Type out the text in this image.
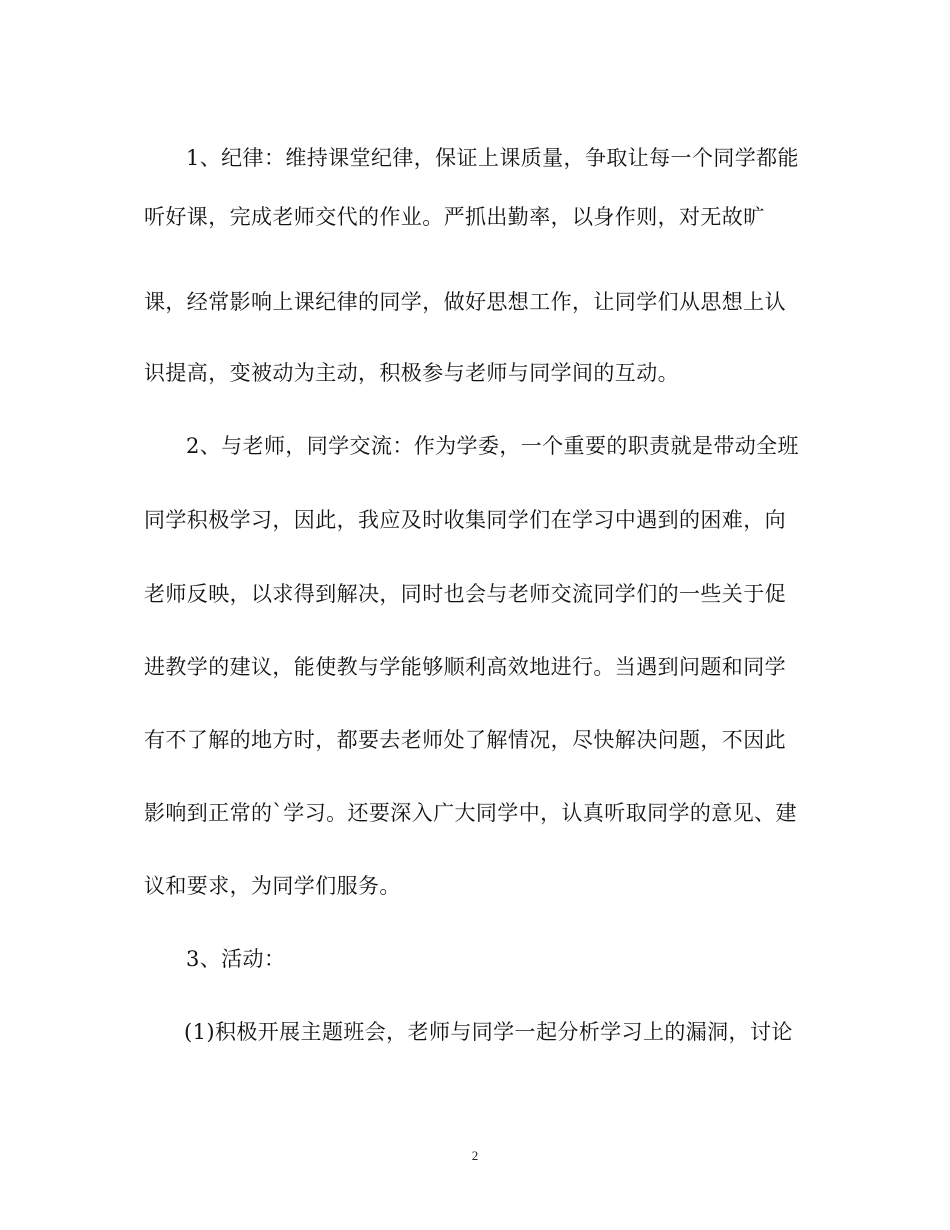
1、纪律：维持课堂纪律，保证上课质量，争取让每一个同学都能
听好课，完成老师交代的作业。严抓出勤率，以身作则，对无故旷
课，经常影响上课纪律的同学，做好思想工作，让同学们从思想上认
识提高，变被动为主动，积极参与老师与同学间的互动。
2、与老师，同学交流：作为学委，一个重要的职责就是带动全班
同学积极学习，因此，我应及时收集同学们在学习中遇到的困难，向
老师反映，以求得到解决，同时也会与老师交流同学们的一些关于促
进教学的建议，能使教与学能够顺利高效地进行。当遇到问题和同学
有不了解的地方时，都要去老师处了解情况，尽快解决问题，不因此
影响到正常的`学习。还要深入广大同学中，认真听取同学的意见、建
议和要求，为同学们服务。
3、活动：
(1)积极开展主题班会，老师与同学一起分析学习上的漏洞，讨论
2
